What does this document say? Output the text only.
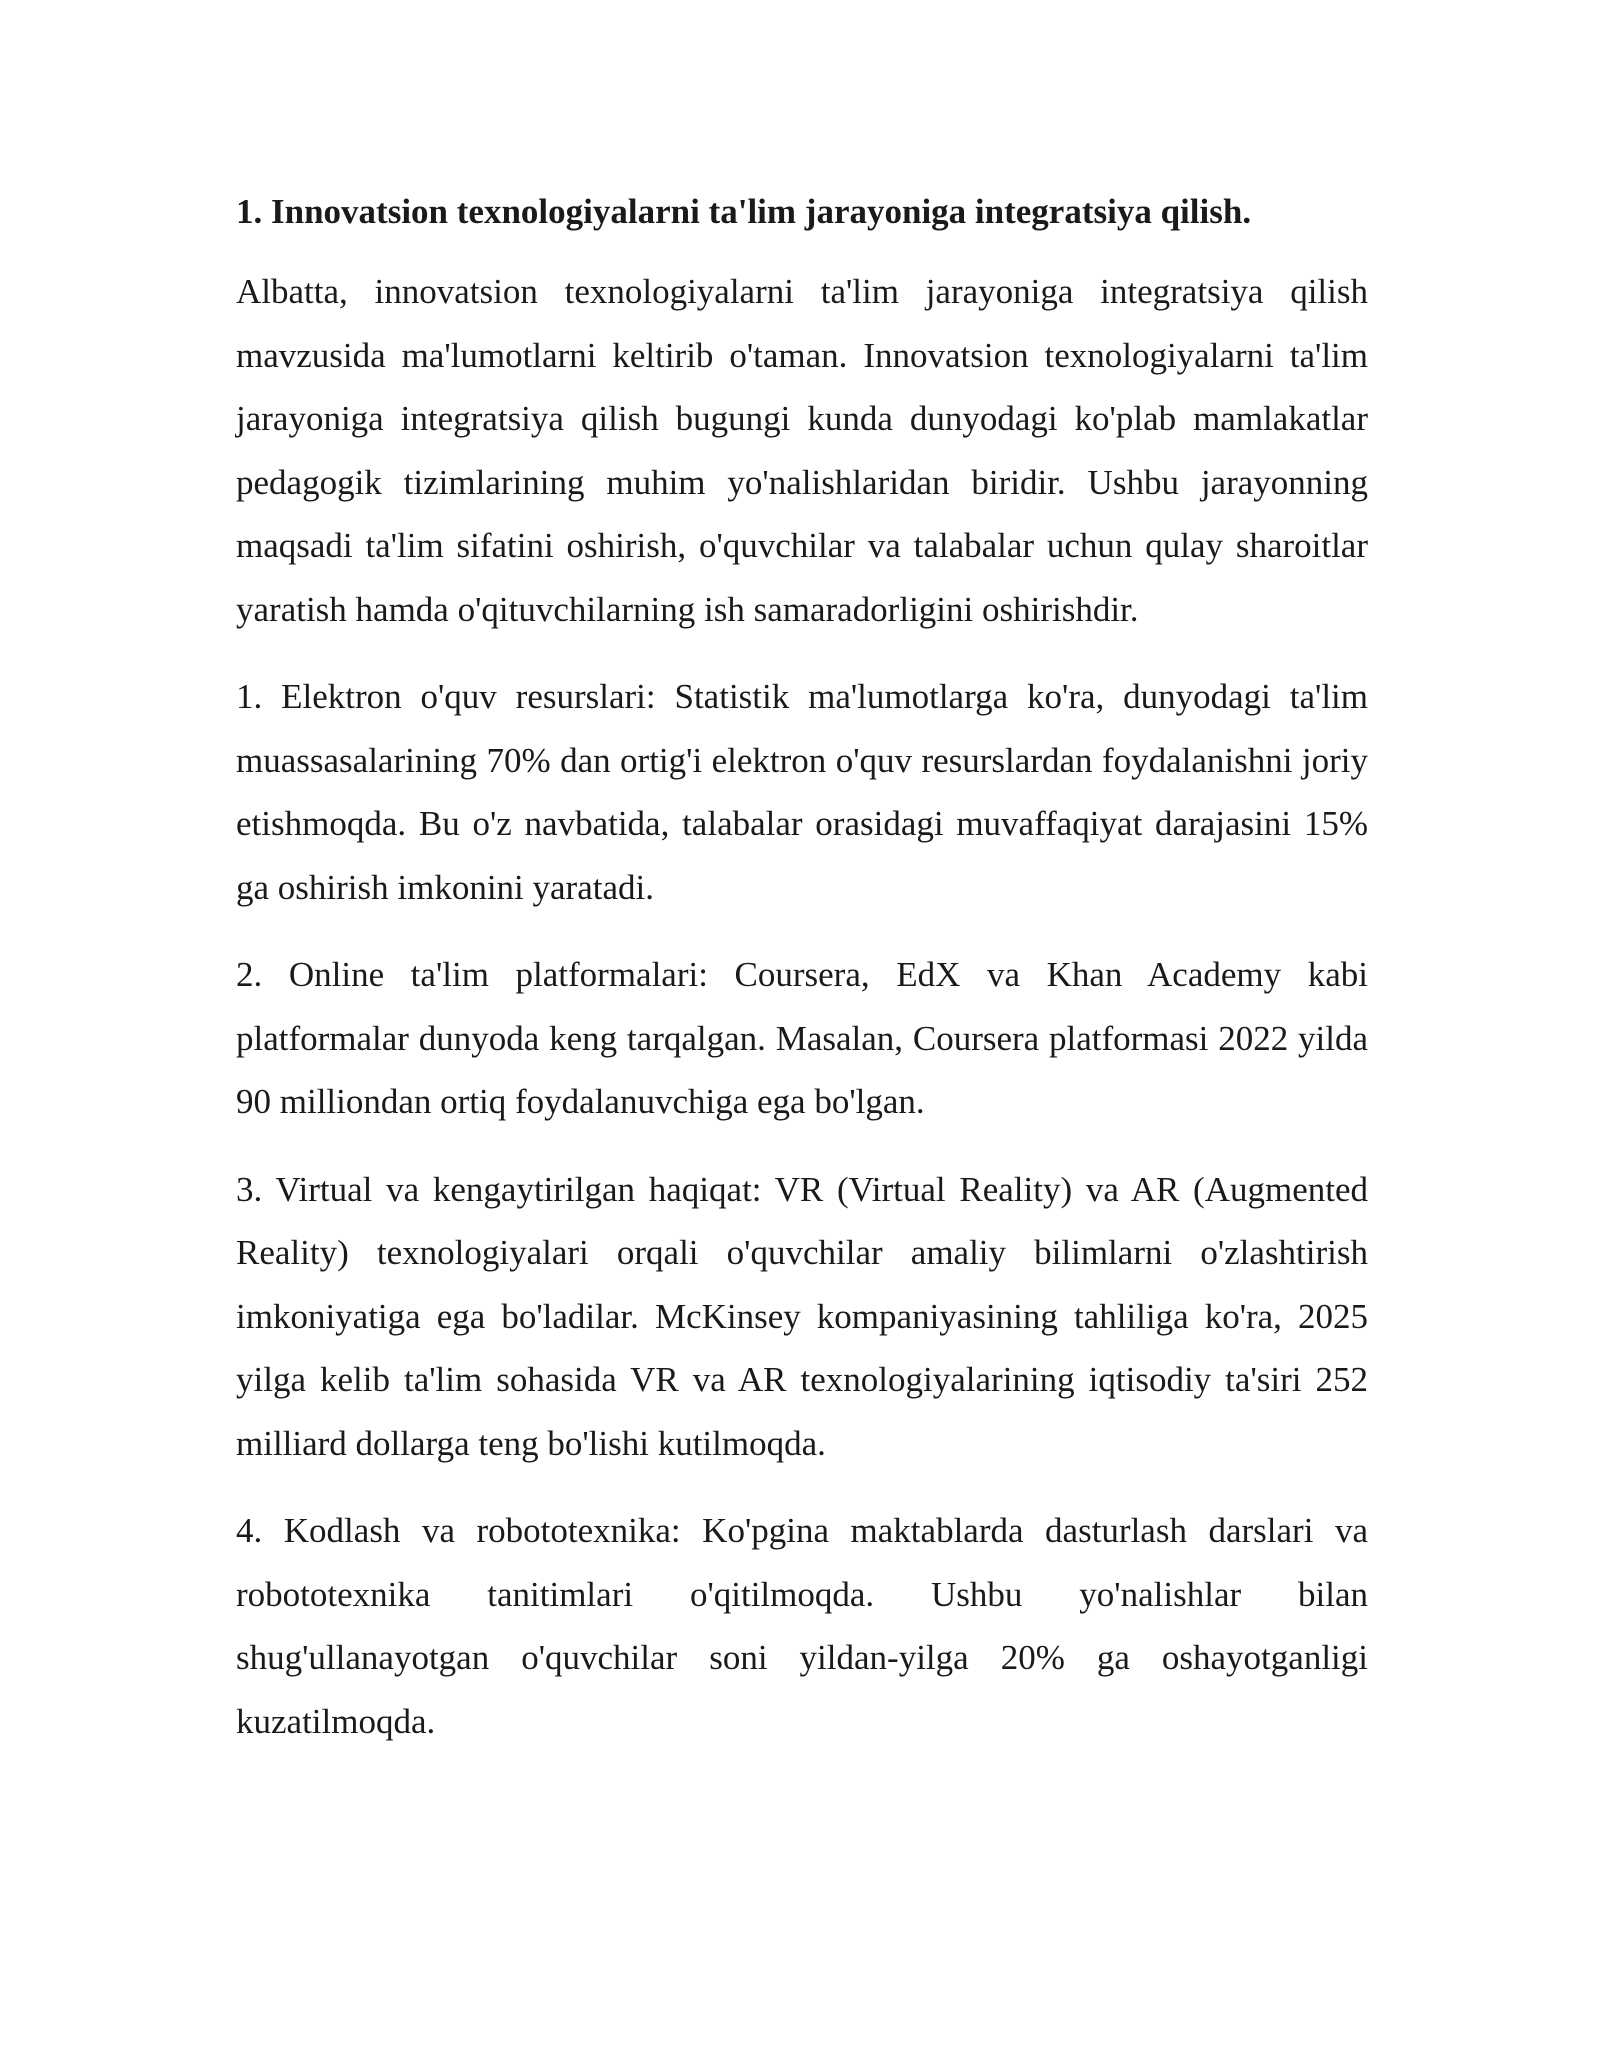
1. Innovatsion texnologiyalarni ta'lim jarayoniga integratsiya qilish.

Albatta, innovatsion texnologiyalarni ta'lim jarayoniga integratsiya qilish mavzusida ma'lumotlarni keltirib o'taman. Innovatsion texnologiyalarni ta'lim jarayoniga integratsiya qilish bugungi kunda dunyodagi ko'plab mamlakatlar pedagogik tizimlarining muhim yo'nalishlaridan biridir. Ushbu jarayonning maqsadi ta'lim sifatini oshirish, o'quvchilar va talabalar uchun qulay sharoitlar yaratish hamda o'qituvchilarning ish samaradorligini oshirishdir.

1. Elektron o'quv resurslari: Statistik ma'lumotlarga ko'ra, dunyodagi ta'lim muassasalarining 70% dan ortig'i elektron o'quv resurslardan foydalanishni joriy etishmoqda. Bu o'z navbatida, talabalar orasidagi muvaffaqiyat darajasini 15% ga oshirish imkonini yaratadi.

2. Online ta'lim platformalari: Coursera, EdX va Khan Academy kabi platformalar dunyoda keng tarqalgan. Masalan, Coursera platformasi 2022 yilda 90 milliondan ortiq foydalanuvchiga ega bo'lgan.

3. Virtual va kengaytirilgan haqiqat: VR (Virtual Reality) va AR (Augmented Reality) texnologiyalari orqali o'quvchilar amaliy bilimlarni o'zlashtirish imkoniyatiga ega bo'ladilar. McKinsey kompaniyasining tahliliga ko'ra, 2025 yilga kelib ta'lim sohasida VR va AR texnologiyalarining iqtisodiy ta'siri 252 milliard dollarga teng bo'lishi kutilmoqda.

4. Kodlash va robototexnika: Ko'pgina maktablarda dasturlash darslari va robototexnika tanitimlari o'qitilmoqda. Ushbu yo'nalishlar bilan shug'ullanayotgan o'quvchilar soni yildan-yilga 20% ga oshayotganligi kuzatilmoqda.
